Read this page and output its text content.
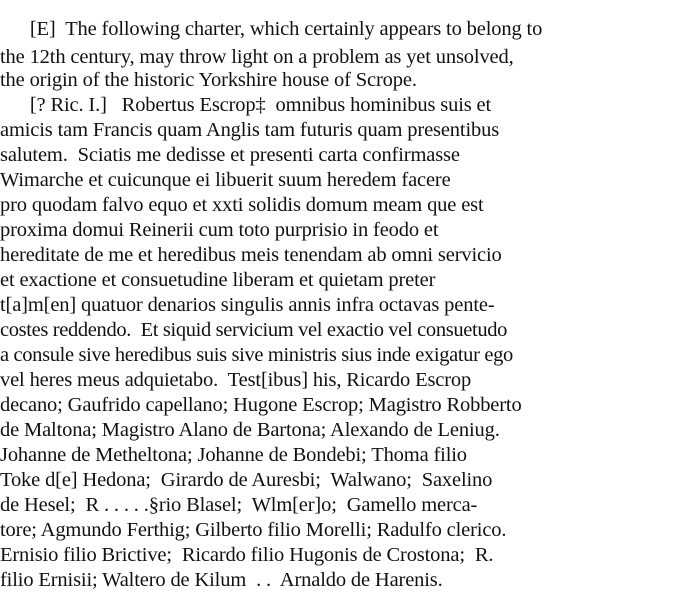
[E]  The following charter, which certainly appears to belong to
the 12th century, may throw light on a problem as yet unsolved,
the origin of the historic Yorkshire house of Scrope.
[? Ric. I.]   Robertus Escrop‡  omnibus hominibus suis et
amicis tam Francis quam Anglis tam futuris quam presentibus
salutem.  Sciatis me dedisse et presenti carta confirmasse
Wimarche et cuicunque ei libuerit suum heredem facere
pro quodam falvo equo et xxti solidis domum meam que est
proxima domui Reinerii cum toto purprisio in feodo et
hereditate de me et heredibus meis tenendam ab omni servicio
et exactione et consuetudine liberam et quietam preter
t[a]m[en] quatuor denarios singulis annis infra octavas pente-
costes reddendo.  Et siquid servicium vel exactio vel consuetudo
a consule sive heredibus suis sive ministris sius inde exigatur ego
vel heres meus adquietabo.  Test[ibus] his, Ricardo Escrop
decano; Gaufrido capellano; Hugone Escrop; Magistro Robberto
de Maltona; Magistro Alano de Bartona; Alexando de Leniug.
Johanne de Metheltona; Johanne de Bondebi; Thoma filio
Toke d[e] Hedona;  Girardo de Auresbi;  Walwano;  Saxelino
de Hesel;  R . . . . .§rio Blasel;  Wlm[er]o;  Gamello merca-
tore; Agmundo Ferthig; Gilberto filio Morelli; Radulfo clerico.
Ernisio filio Brictive;  Ricardo filio Hugonis de Crostona;  R.
filio Ernisii; Waltero de Kilum  . .  Arnaldo de Harenis.
